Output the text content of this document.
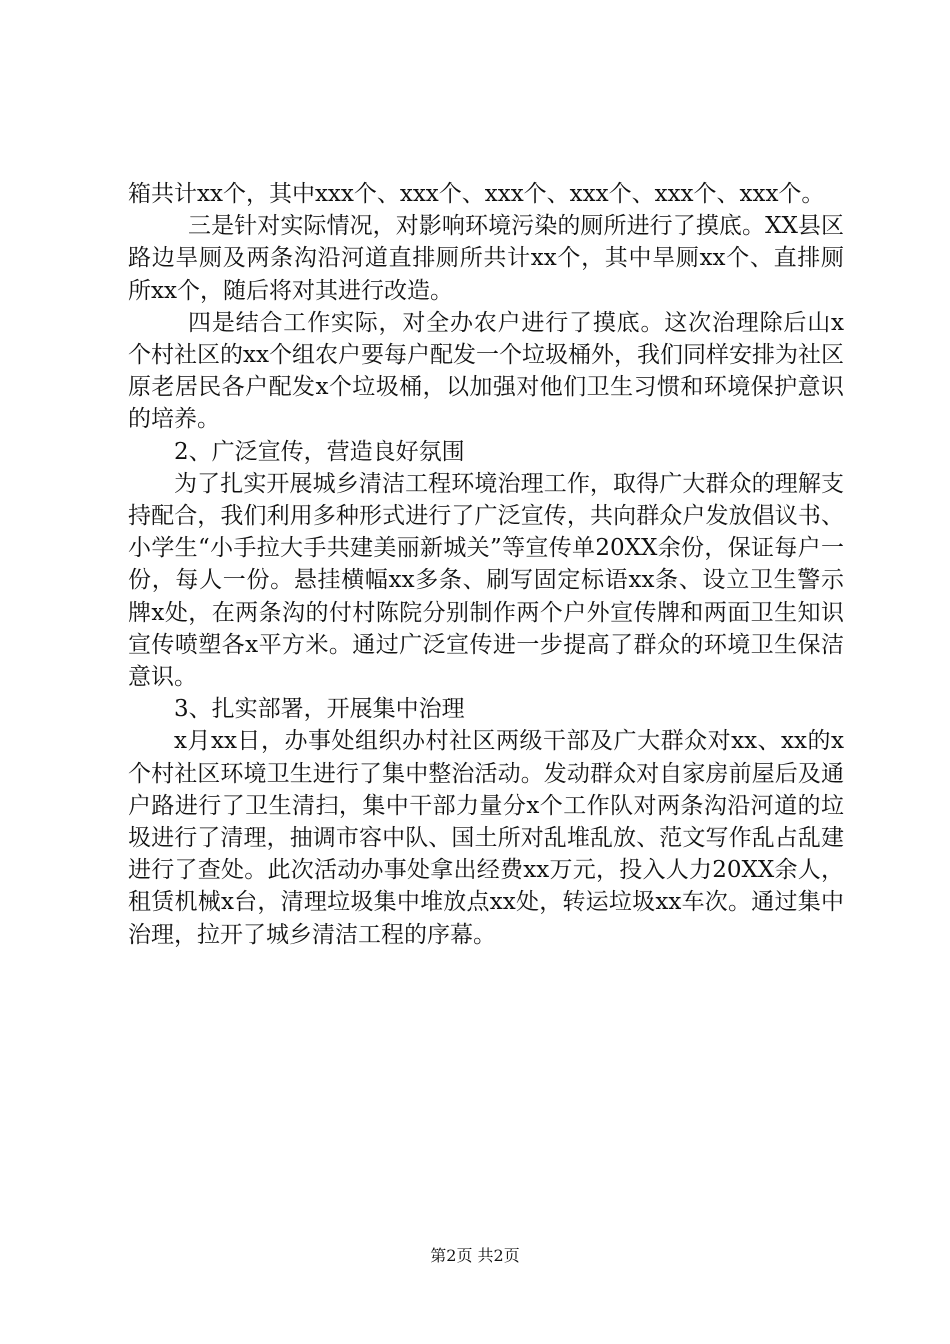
箱共计xx个，其中xxx个、xxx个、xxx个、xxx个、xxx个、xxx个。

三是针对实际情况，对影响环境污染的厕所进行了摸底。XX县区路边旱厕及两条沟沿河道直排厕所共计xx个，其中旱厕xx个、直排厕所xx个，随后将对其进行改造。

四是结合工作实际，对全办农户进行了摸底。这次治理除后山x个村社区的xx个组农户要每户配发一个垃圾桶外，我们同样安排为社区原老居民各户配发x个垃圾桶，以加强对他们卫生习惯和环境保护意识的培养。

2、广泛宣传，营造良好氛围

为了扎实开展城乡清洁工程环境治理工作，取得广大群众的理解支持配合，我们利用多种形式进行了广泛宣传，共向群众户发放倡议书、小学生“小手拉大手共建美丽新城关”等宣传单20XX余份，保证每户一份，每人一份。悬挂横幅xx多条、刷写固定标语xx条、设立卫生警示牌x处，在两条沟的付村陈院分别制作两个户外宣传牌和两面卫生知识宣传喷塑各x平方米。通过广泛宣传进一步提高了群众的环境卫生保洁意识。

3、扎实部署，开展集中治理

x月xx日，办事处组织办村社区两级干部及广大群众对xx、xx的x个村社区环境卫生进行了集中整治活动。发动群众对自家房前屋后及通户路进行了卫生清扫，集中干部力量分x个工作队对两条沟沿河道的垃圾进行了清理，抽调市容中队、国土所对乱堆乱放、范文写作乱占乱建进行了查处。此次活动办事处拿出经费xx万元，投入人力20XX余人，租赁机械x台，清理垃圾集中堆放点xx处，转运垃圾xx车次。通过集中治理，拉开了城乡清洁工程的序幕。

第2页 共2页
